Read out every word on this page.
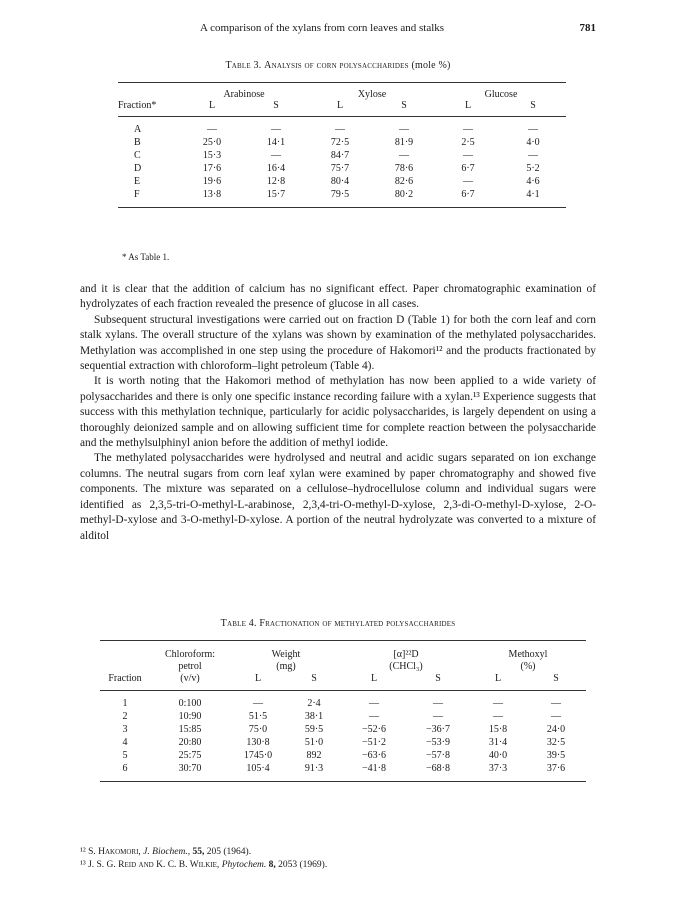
A comparison of the xylans from corn leaves and stalks	781
Table 3. Analysis of corn polysaccharides (mole %)
	Arabinose		Xylose		Glucose	
Fraction*	L	S	L	S	L	S
A	—	—	—	—	—	—
B	25·0	14·1	72·5	81·9	2·5	4·0
C	15·3	—	84·7	—	—	—
D	17·6	16·4	75·7	78·6	6·7	5·2
E	19·6	12·8	80·4	82·6	—	4·6
F	13·8	15·7	79·5	80·2	6·7	4·1
* As Table 1.

and it is clear that the addition of calcium has no significant effect. Paper chromatographic examination of hydrolyzates of each fraction revealed the presence of glucose in all cases.

Subsequent structural investigations were carried out on fraction D (Table 1) for both the corn leaf and corn stalk xylans. The overall structure of the xylans was shown by examination of the methylated polysaccharides. Methylation was accomplished in one step using the procedure of Hakomori¹² and the products fractionated by sequential extraction with chloroform–light petroleum (Table 4).

It is worth noting that the Hakomori method of methylation has now been applied to a wide variety of polysaccharides and there is only one specific instance recording failure with a xylan.¹³ Experience suggests that success with this methylation technique, particularly for acidic polysaccharides, is largely dependent on using a thoroughly deionized sample and on allowing sufficient time for complete reaction between the polysaccharide and the methylsulphinyl anion before the addition of methyl iodide.

The methylated polysaccharides were hydrolysed and neutral and acidic sugars separated on ion exchange columns. The neutral sugars from corn leaf xylan were examined by paper chromatography and showed five components. The mixture was separated on a cellulose–hydrocellulose column and individual sugars were identified as 2,3,5-tri-O-methyl-L-arabinose, 2,3,4-tri-O-methyl-D-xylose, 2,3-di-O-methyl-D-xylose, 2-O-methyl-D-xylose and 3-O-methyl-D-xylose. A portion of the neutral hydrolyzate was converted to a mixture of alditol

Table 4. Fractionation of methylated polysaccharides
	Chloroform:	Weight		[α]²²D		Methoxyl	
	petrol	(mg)		(CHCl₃)		(%)	
Fraction	(v/v)	L	S	L	S	L	S
1	0:100	—	2·4	—	—	—	—
2	10:90	51·5	38·1	—	—	—	—
3	15:85	75·0	59·5	−52·6	−36·7	15·8	24·0
4	20:80	130·8	51·0	−51·2	−53·9	31·4	32·5
5	25:75	1745·0	892	−63·6	−57·8	40·0	39·5
6	30:70	105·4	91·3	−41·8	−68·8	37·3	37·6
¹² S. Hakomori, J. Biochem., 55, 205 (1964).
¹³ J. S. G. Reid and K. C. B. Wilkie, Phytochem. 8, 2053 (1969).
